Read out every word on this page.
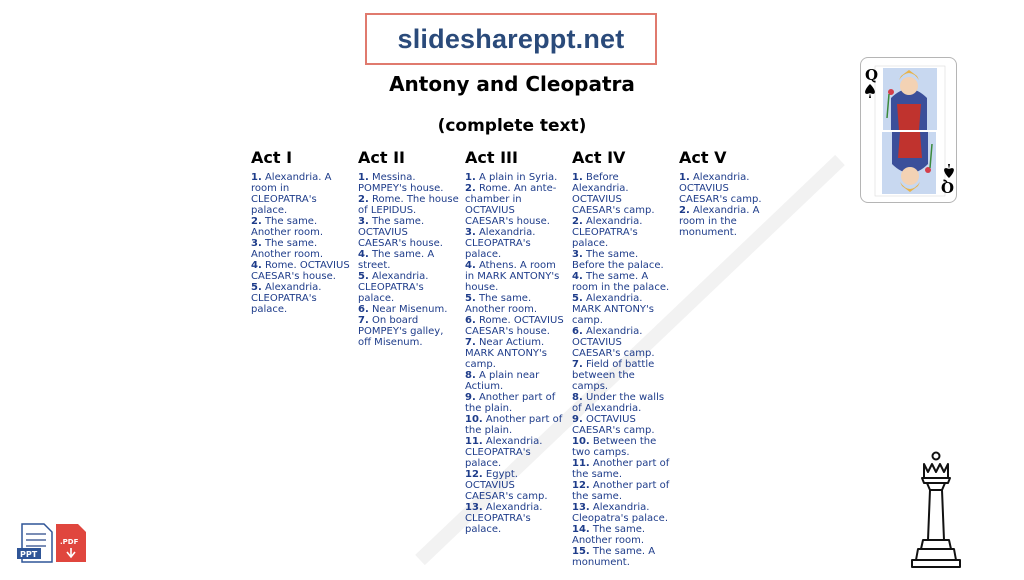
slideshareppt.net
Antony and Cleopatra
(complete text)
Act I
1. Alexandria. A room in CLEOPATRA's palace.
2. The same. Another room.
3. The same. Another room.
4. Rome. OCTAVIUS CAESAR's house.
5. Alexandria. CLEOPATRA's palace.
Act II
1. Messina. POMPEY's house.
2. Rome. The house of LEPIDUS.
3. The same. OCTAVIUS CAESAR's house.
4. The same. A street.
5. Alexandria. CLEOPATRA's palace.
6. Near Misenum.
7. On board POMPEY's galley, off Misenum.
Act III
1. A plain in Syria.
2. Rome. An ante-chamber in OCTAVIUS CAESAR's house.
3. Alexandria. CLEOPATRA's palace.
4. Athens. A room in MARK ANTONY's house.
5. The same. Another room.
6. Rome. OCTAVIUS CAESAR's house.
7. Near Actium. MARK ANTONY's camp.
8. A plain near Actium.
9. Another part of the plain.
10. Another part of the plain.
11. Alexandria. CLEOPATRA's palace.
12. Egypt. OCTAVIUS CAESAR's camp.
13. Alexandria. CLEOPATRA's palace.
Act IV
1. Before Alexandria. OCTAVIUS CAESAR's camp.
2. Alexandria. CLEOPATRA's palace.
3. The same. Before the palace.
4. The same. A room in the palace.
5. Alexandria. MARK ANTONY's camp.
6. Alexandria. OCTAVIUS CAESAR's camp.
7. Field of battle between the camps.
8. Under the walls of Alexandria.
9. OCTAVIUS CAESAR's camp.
10. Between the two camps.
11. Another part of the same.
12. Another part of the same.
13. Alexandria. Cleopatra's palace.
14. The same. Another room.
15. The same. A monument.
Act V
1. Alexandria. OCTAVIUS CAESAR's camp.
2. Alexandria. A room in the monument.
Q
Q
PPT
.PDF
